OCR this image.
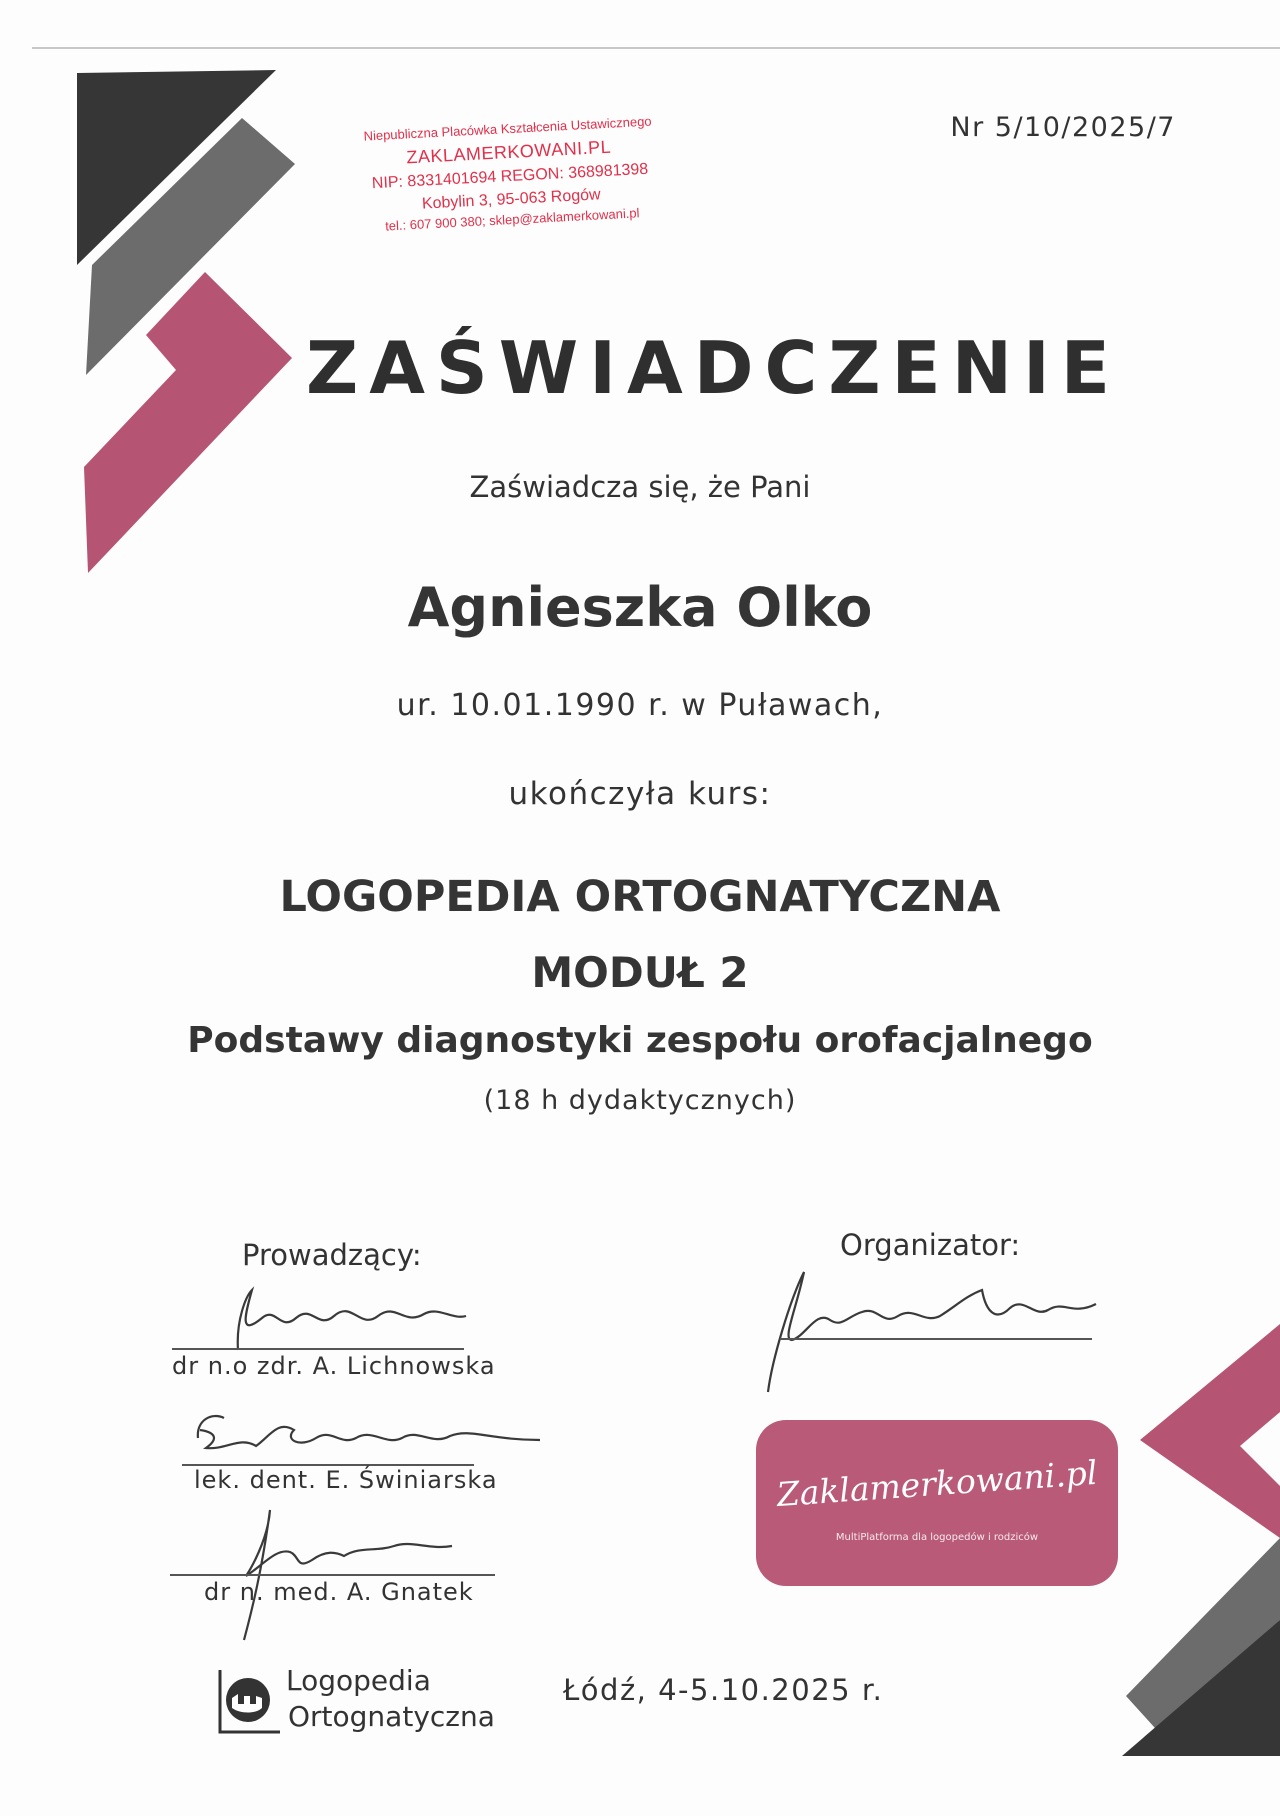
Niepubliczna Placówka Kształcenia Ustawicznego
ZAKLAMERKOWANI.PL
NIP: 8331401694 REGON: 368981398
Kobylin 3, 95-063 Rogów
tel.: 607 900 380; sklep@zaklamerkowani.pl
Nr 5/10/2025/7
ZAŚWIADCZENIE
Zaświadcza się, że Pani
Agnieszka Olko
ur. 10.01.1990 r. w Puławach,
ukończyła kurs:
LOGOPEDIA ORTOGNATYCZNA
MODUŁ 2
Podstawy diagnostyki zespołu orofacjalnego
(18 h dydaktycznych)
Prowadzący:	Organizator:
dr n.o zdr. A. Lichnowska
lek. dent. E. Świniarska
dr n. med. A. Gnatek
Zaklamerkowani.pl
MultiPlatforma dla logopedów i rodziców
Logopedia
Ortognatyczna
Łódź, 4-5.10.2025 r.
